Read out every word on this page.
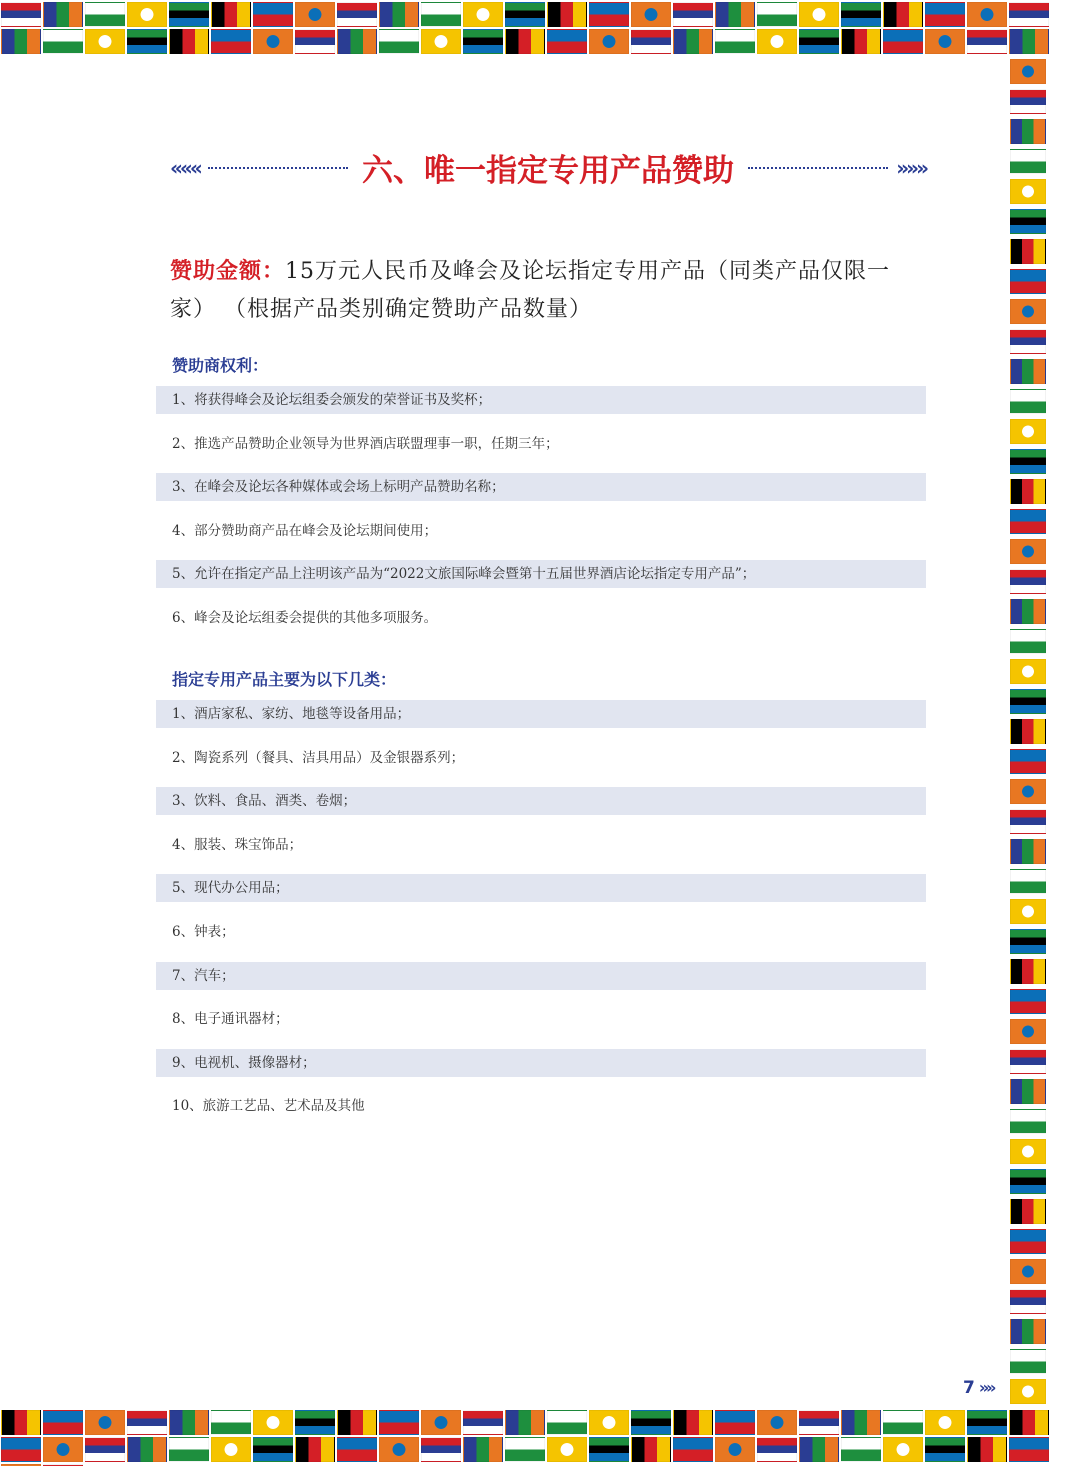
«««	六、唯一指定专用产品赞助	»»»
赞助金额：15万元人民币及峰会及论坛指定专用产品（同类产品仅限一家） （根据产品类别确定赞助产品数量）
赞助商权利：
1、将获得峰会及论坛组委会颁发的荣誉证书及奖杯；
2、推选产品赞助企业领导为世界酒店联盟理事一职，任期三年；
3、在峰会及论坛各种媒体或会场上标明产品赞助名称；
4、部分赞助商产品在峰会及论坛期间使用；
5、允许在指定产品上注明该产品为“2022文旅国际峰会暨第十五届世界酒店论坛指定专用产品”；
6、峰会及论坛组委会提供的其他多项服务。
指定专用产品主要为以下几类：
1、酒店家私、家纺、地毯等设备用品；
2、陶瓷系列（餐具、洁具用品）及金银器系列；
3、饮料、食品、酒类、卷烟；
4、服装、珠宝饰品；
5、现代办公用品；
6、钟表；
7、汽车；
8、电子通讯器材；
9、电视机、摄像器材；
10、旅游工艺品、艺术品及其他
7 »»
